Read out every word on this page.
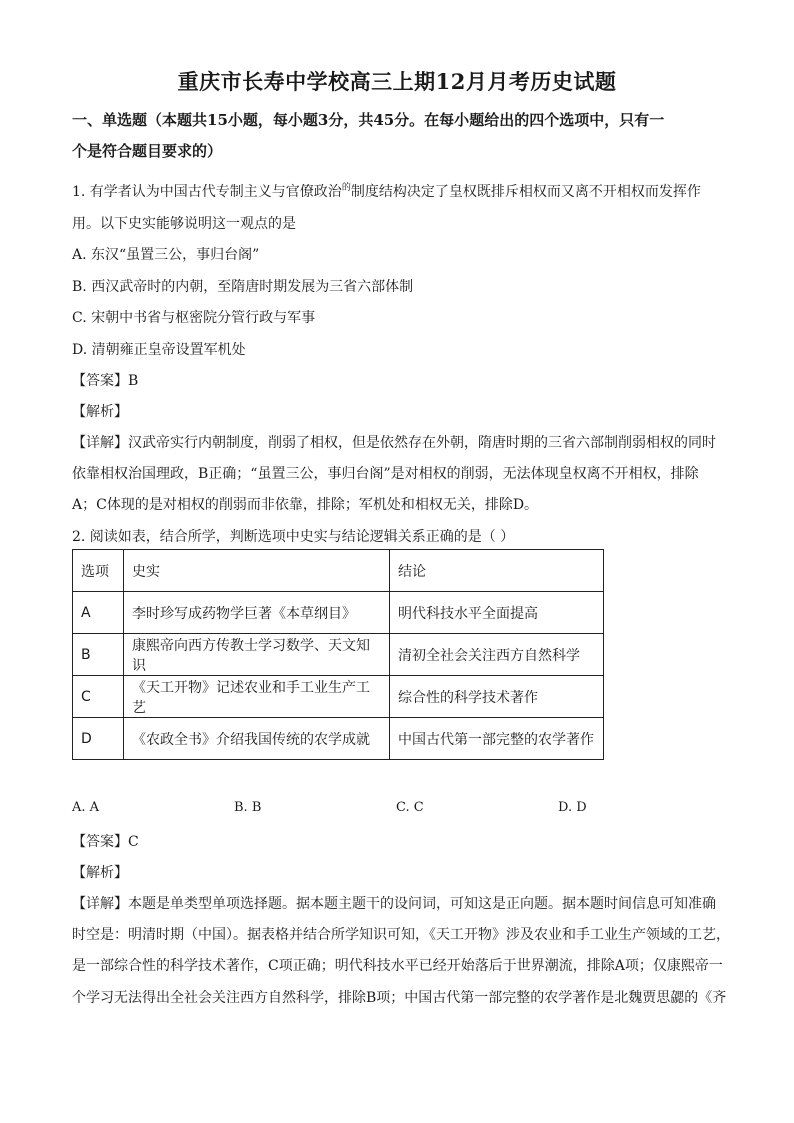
重庆市长寿中学校高三上期12月月考历史试题
一、单选题（本题共15小题，每小题3分，共45分。在每小题给出的四个选项中，只有一
个是符合题目要求的）
1. 有学者认为中国古代专制主义与官僚政治$^的$制度结构决定了皇权既排斥相权而又离不开相权而发挥作
用。以下史实能够说明这一观点的是
A. 东汉“虽置三公，事归台阁”
B. 西汉武帝时的内朝，至隋唐时期发展为三省六部体制
C. 宋朝中书省与枢密院分管行政与军事
D. 清朝雍正皇帝设置军机处
【答案】B
【解析】
【详解】汉武帝实行内朝制度，削弱了相权，但是依然存在外朝，隋唐时期的三省六部制削弱相权的同时
依靠相权治国理政，B正确；“虽置三公，事归台阁”是对相权的削弱，无法体现皇权离不开相权，排除
A；C体现的是对相权的削弱而非依靠，排除；军机处和相权无关，排除D。
2. 阅读如表，结合所学，判断选项中史实与结论逻辑关系正确的是（ ）
选项	史实	结论
A	李时珍写成药物学巨著《本草纲目》	明代科技水平全面提高
B	康熙帝向西方传教士学习数学、天文知识	清初全社会关注西方自然科学
C	《天工开物》记述农业和手工业生产工艺	综合性的科学技术著作
D	《农政全书》介绍我国传统的农学成就	中国古代第一部完整的农学著作
A. A	B. B	C. C	D. D
【答案】C
【解析】
【详解】本题是单类型单项选择题。据本题主题干的设问词，可知这是正向题。据本题时间信息可知准确
时空是：明清时期（中国）。据表格并结合所学知识可知，《天工开物》涉及农业和手工业生产领域的工艺，
是一部综合性的科学技术著作，C项正确；明代科技水平已经开始落后于世界潮流，排除A项；仅康熙帝一
个学习无法得出全社会关注西方自然科学，排除B项；中国古代第一部完整的农学著作是北魏贾思勰的《齐
